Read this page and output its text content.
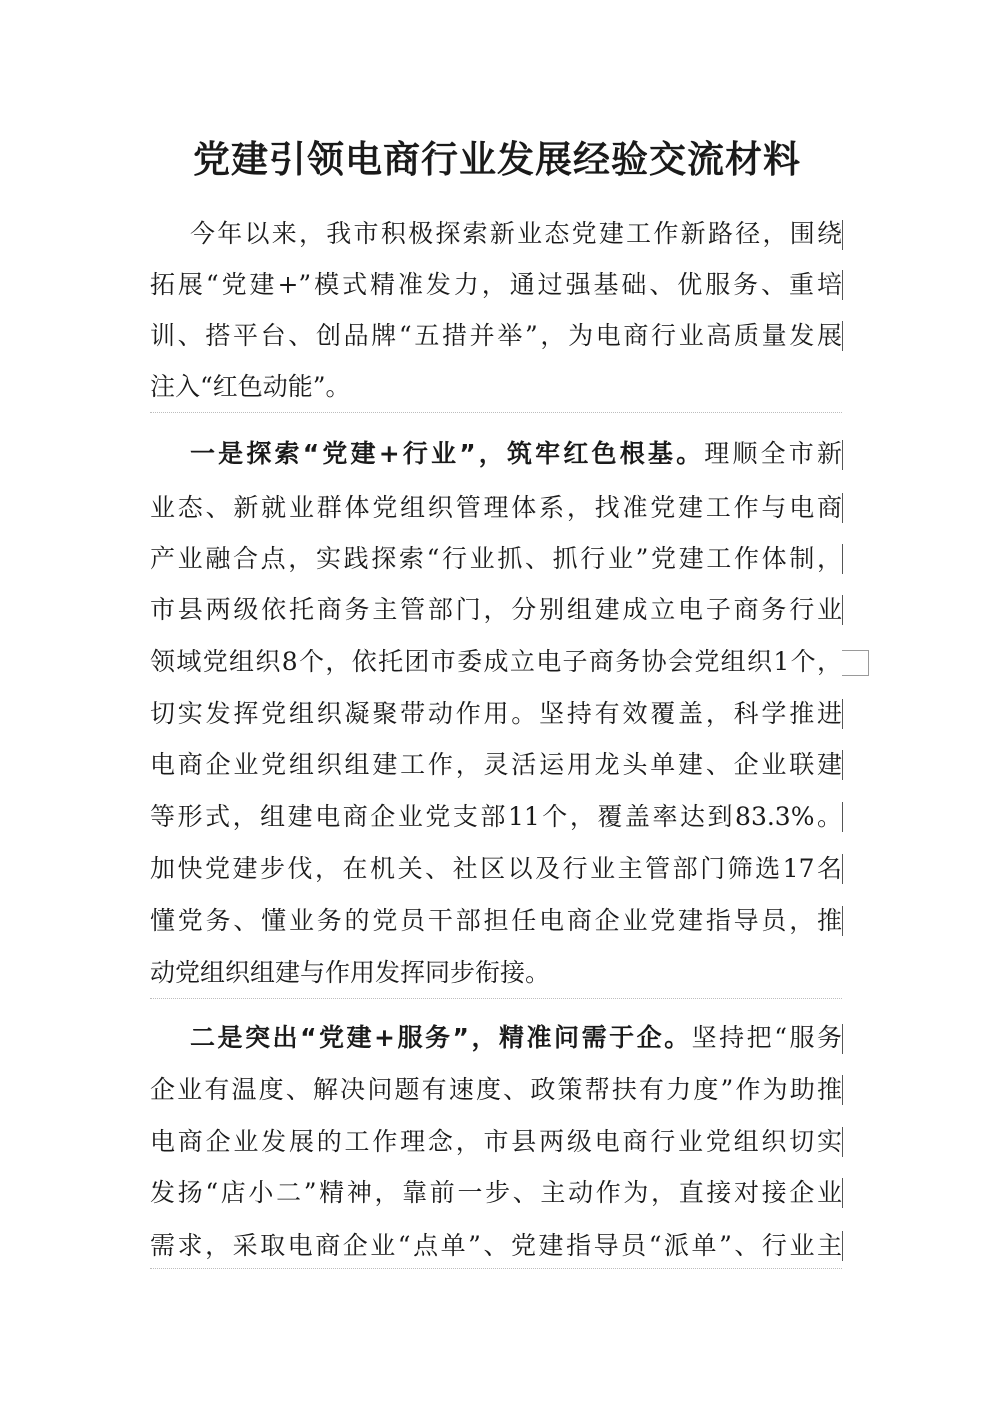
党建引领电商行业发展经验交流材料
今年以来，我市积极探索新业态党建工作新路径，围绕
拓展“党建+”模式精准发力，通过强基础、优服务、重培
训、搭平台、创品牌“五措并举”，为电商行业高质量发展
注入“红色动能”。
一是探索“党建+行业”，筑牢红色根基。理顺全市新
业态、新就业群体党组织管理体系，找准党建工作与电商
产业融合点，实践探索“行业抓、抓行业”党建工作体制，
市县两级依托商务主管部门，分别组建成立电子商务行业
领域党组织8个，依托团市委成立电子商务协会党组织1个，
切实发挥党组织凝聚带动作用。坚持有效覆盖，科学推进
电商企业党组织组建工作，灵活运用龙头单建、企业联建
等形式，组建电商企业党支部11个，覆盖率达到83.3%。
加快党建步伐，在机关、社区以及行业主管部门筛选17名
懂党务、懂业务的党员干部担任电商企业党建指导员，推
动党组织组建与作用发挥同步衔接。
二是突出“党建+服务”，精准问需于企。坚持把“服务
企业有温度、解决问题有速度、政策帮扶有力度”作为助推
电商企业发展的工作理念，市县两级电商行业党组织切实
发扬“店小二”精神，靠前一步、主动作为，直接对接企业
需求，采取电商企业“点单”、党建指导员“派单”、行业主
